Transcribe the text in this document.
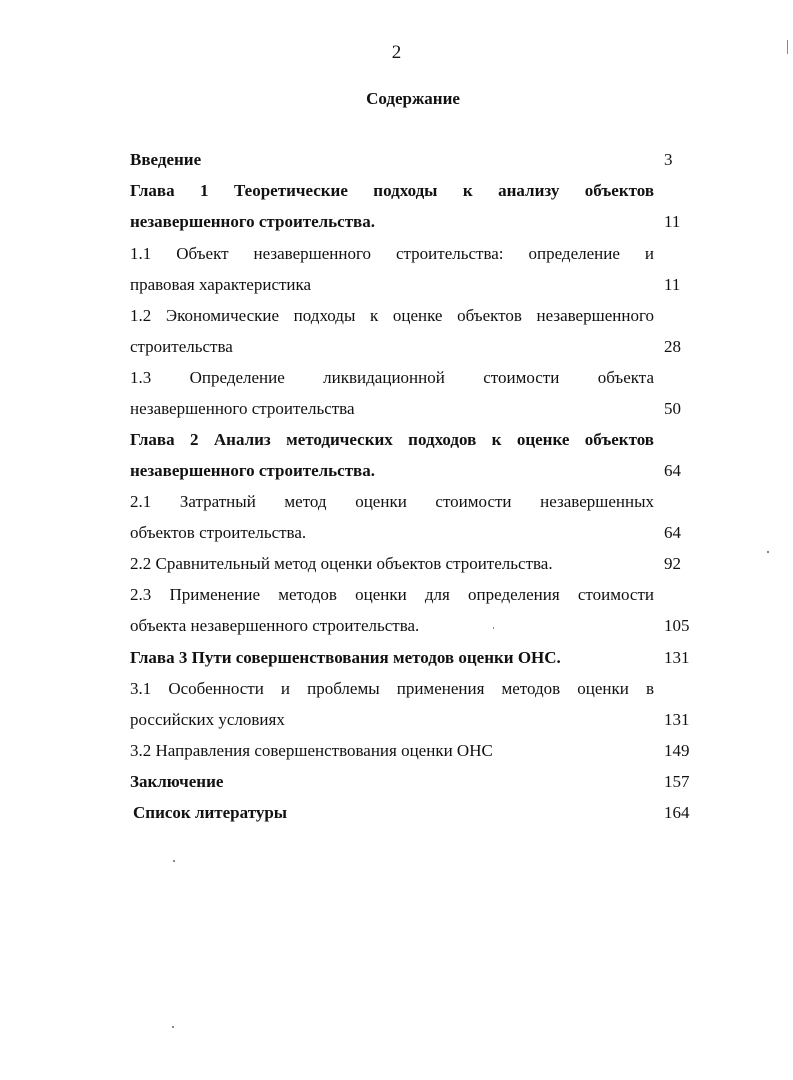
2
Содержание
Введение	3
Глава 1 Теоретические подходы к анализу объектов
незавершенного строительства.	11
1.1 Объект незавершенного строительства: определение и
правовая характеристика	11
1.2 Экономические подходы к оценке объектов незавершенного
строительства	28
1.3 Определение ликвидационной стоимости объекта
незавершенного строительства	50
Глава 2 Анализ методических подходов к оценке объектов
незавершенного строительства.	64
2.1 Затратный метод оценки стоимости незавершенных
объектов строительства.	64
2.2 Сравнительный метод оценки объектов строительства.	92
2.3 Применение методов оценки для определения стоимости
объекта незавершенного строительства.	105
Глава 3 Пути совершенствования методов оценки ОНС.	131
3.1 Особенности и проблемы применения методов оценки в
российских условиях	131
3.2 Направления совершенствования оценки ОНС	149
Заключение	157
Список литературы	164
